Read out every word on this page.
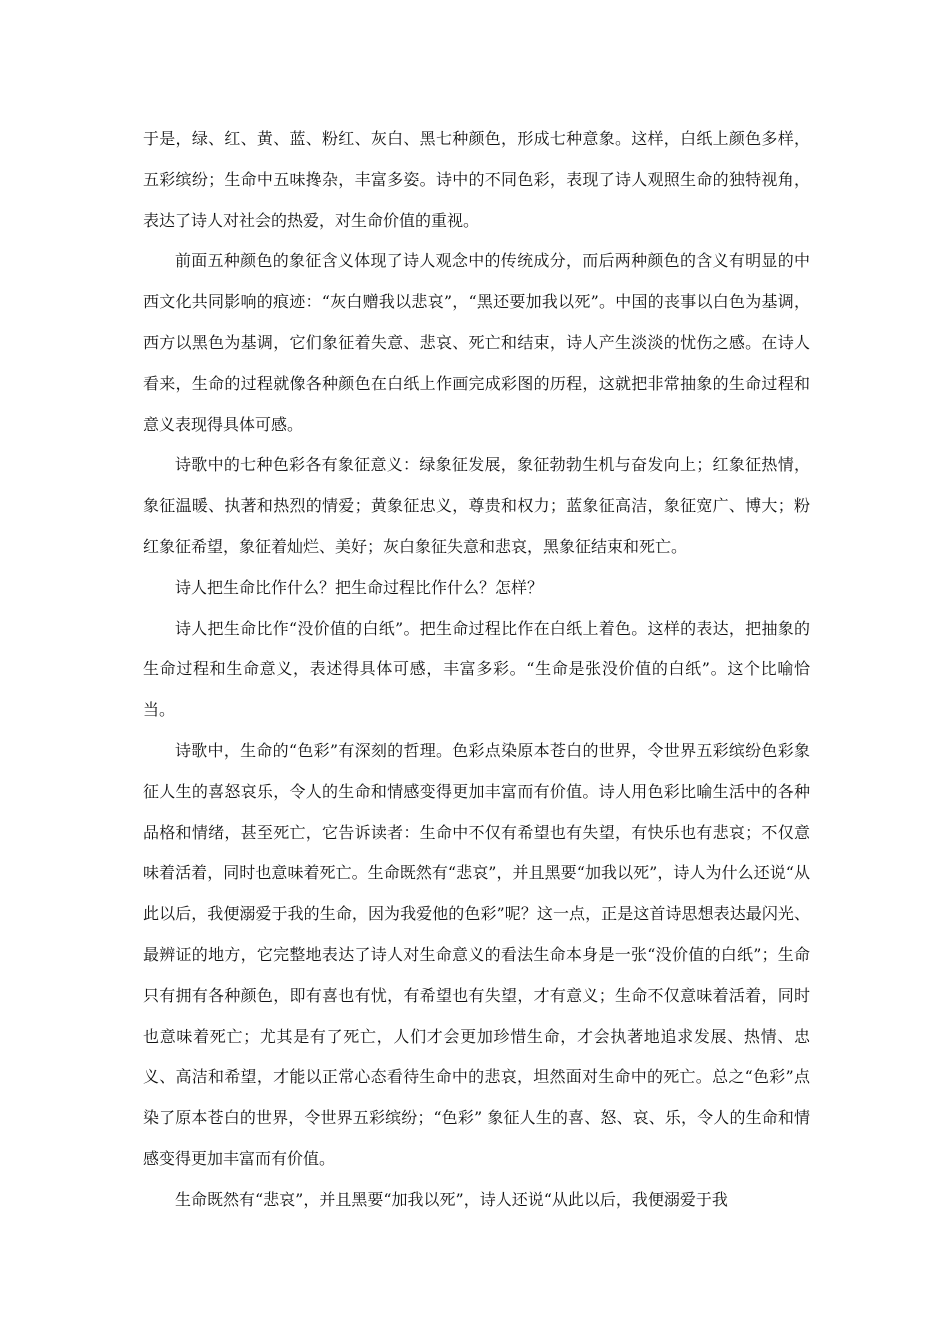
于是，绿、红、黄、蓝、粉红、灰白、黑七种颜色，形成七种意象。这样，白纸上颜色多样，五彩缤纷；生命中五味搀杂，丰富多姿。诗中的不同色彩，表现了诗人观照生命的独特视角，表达了诗人对社会的热爱，对生命价值的重视。

前面五种颜色的象征含义体现了诗人观念中的传统成分，而后两种颜色的含义有明显的中西文化共同影响的痕迹：“灰白赠我以悲哀”，“黑还要加我以死”。中国的丧事以白色为基调，西方以黑色为基调，它们象征着失意、悲哀、死亡和结束，诗人产生淡淡的忧伤之感。在诗人看来，生命的过程就像各种颜色在白纸上作画完成彩图的历程，这就把非常抽象的生命过程和意义表现得具体可感。

诗歌中的七种色彩各有象征意义：绿象征发展，象征勃勃生机与奋发向上；红象征热情，象征温暖、执著和热烈的情爱；黄象征忠义，尊贵和权力；蓝象征高洁，象征宽广、博大；粉红象征希望，象征着灿烂、美好；灰白象征失意和悲哀，黑象征结束和死亡。

诗人把生命比作什么？把生命过程比作什么？怎样？

诗人把生命比作“没价值的白纸”。把生命过程比作在白纸上着色。这样的表达，把抽象的生命过程和生命意义，表述得具体可感，丰富多彩。“生命是张没价值的白纸”。这个比喻恰当。

诗歌中，生命的“色彩”有深刻的哲理。色彩点染原本苍白的世界，令世界五彩缤纷色彩象征人生的喜怒哀乐，令人的生命和情感变得更加丰富而有价值。诗人用色彩比喻生活中的各种品格和情绪，甚至死亡，它告诉读者：生命中不仅有希望也有失望，有快乐也有悲哀；不仅意味着活着，同时也意味着死亡。生命既然有“悲哀”，并且黑要“加我以死”，诗人为什么还说“从此以后，我便溺爱于我的生命，因为我爱他的色彩”呢？这一点，正是这首诗思想表达最闪光、最辨证的地方，它完整地表达了诗人对生命意义的看法生命本身是一张“没价值的白纸”；生命只有拥有各种颜色，即有喜也有忧，有希望也有失望，才有意义；生命不仅意味着活着，同时也意味着死亡；尤其是有了死亡，人们才会更加珍惜生命，才会执著地追求发展、热情、忠义、高洁和希望，才能以正常心态看待生命中的悲哀，坦然面对生命中的死亡。总之“色彩”点染了原本苍白的世界，令世界五彩缤纷；“色彩” 象征人生的喜、怒、哀、乐，令人的生命和情感变得更加丰富而有价值。

生命既然有“悲哀”，并且黑要“加我以死”，诗人还说“从此以后，我便溺爱于我
